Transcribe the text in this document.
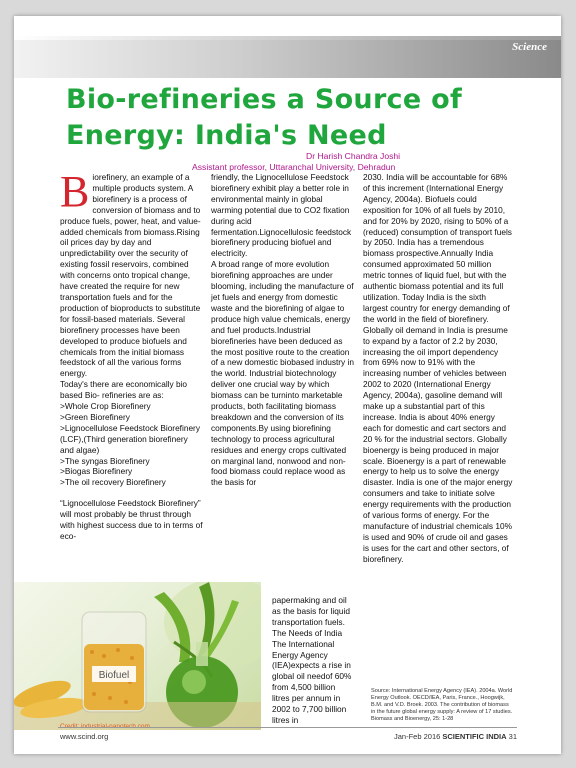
Science
Bio-refineries a Source of
Energy: India's Need
Dr Harish Chandra Joshi
Assistant professor, Uttaranchal University, Dehradun
B iorefinery, an example of a multiple products system. A biorefinery is a process of conversion of biomass and to produce fuels, power, heat, and value-added chemicals from biomass.Rising oil prices day by day and unpredictability over the security of existing fossil reservoirs, combined with concerns onto tropical change, have created the require for new transportation fuels and for the production of bioproducts to substitute for fossil-based materials. Several biorefinery processes have been developed to produce biofuels and chemicals from the initial biomass feedstock of all the various forms energy.

Today's there are economically bio based Bio- refineries are as:

>Whole Crop Biorefinery
>Green Biorefinery
>Lignocellulose Feedstock Biorefinery (LCF),(Third generation biorefinery and algae)
>The syngas Biorefinery
>Biogas Biorefinery
>The oil recovery Biorefinery

“Lignocellulose Feedstock Biorefinery” will most probably be thrust through with highest success due to in terms of eco-

friendly, the Lignocellulose Feedstock biorefinery exhibit play a better role in environmental mainly in global warming potential due to CO2 fixation during acid fermentation.Lignocellulosic feedstock biorefinery producing biofuel and electricity.

A broad range of more evolution biorefining approaches are under blooming, including the manufacture of jet fuels and energy from domestic waste and the biorefining of algae to produce high value chemicals, energy and fuel products.Industrial biorefineries have been deduced as the most positive route to the creation of a new domestic biobased industry in the world. Industrial biotechnology deliver one crucial way by which biomass can be turninto marketable products, both facilitating biomass breakdown and the conversion of its components.By using biorefining technology to process agricultural residues and energy crops cultivated on marginal land, nonwood and non-food biomass could replace wood as the basis for

papermaking and oil as the basis for liquid transportation fuels.

The Needs of India

The International Energy Agency (IEA)expects a rise in global oil needof 60% from 4,500 billion litres per annum in 2002 to 7,700 billion litres in

2030. India will be accountable for 68% of this increment (International Energy Agency, 2004a). Biofuels could exposition for 10% of all fuels by 2010, and for 20% by 2020, rising to 50% of a (reduced) consumption of transport fuels by 2050. India has a tremendous biomass prospective.Annually India consumed approximated 50 million metric tonnes of liquid fuel, but with the authentic biomass potential and its full utilization. Today India is the sixth largest country for energy demanding of the world in the field of biorefinery. Globally oil demand in India is presume to expand by a factor of 2.2 by 2030, increasing the oil import dependency from 69% now to 91% with the increasing number of vehicles between 2002 to 2020 (International Energy Agency, 2004a), gasoline demand will make up a substantial part of this increase. India is about 40% energy each for domestic and cart sectors and 20 % for the industrial sectors. Globally bioenergy is being produced in major scale. Bioenergy is a part of renewable energy to help us to solve the energy disaster. India is one of the major energy consumers and take to initiate solve energy requirements with the production of various forms of energy. For the manufacture of industrial chemicals 10% is used and 90% of crude oil and gases is uses for the cart and other sectors, of biorefinery.

Biofuel
Source: International Energy Agency (IEA). 2004a. World Energy Outlook. OECD/IEA, Paris, France., Hoogwijk, B.M. and V.D. Broek. 2003. The contribution of biomass in the future global energy supply: A review of 17 studies. Biomass and Bioenergy, 25: 1-28
www.scind.org	Jan-Feb 2016 SCIENTIFIC INDIA 31
